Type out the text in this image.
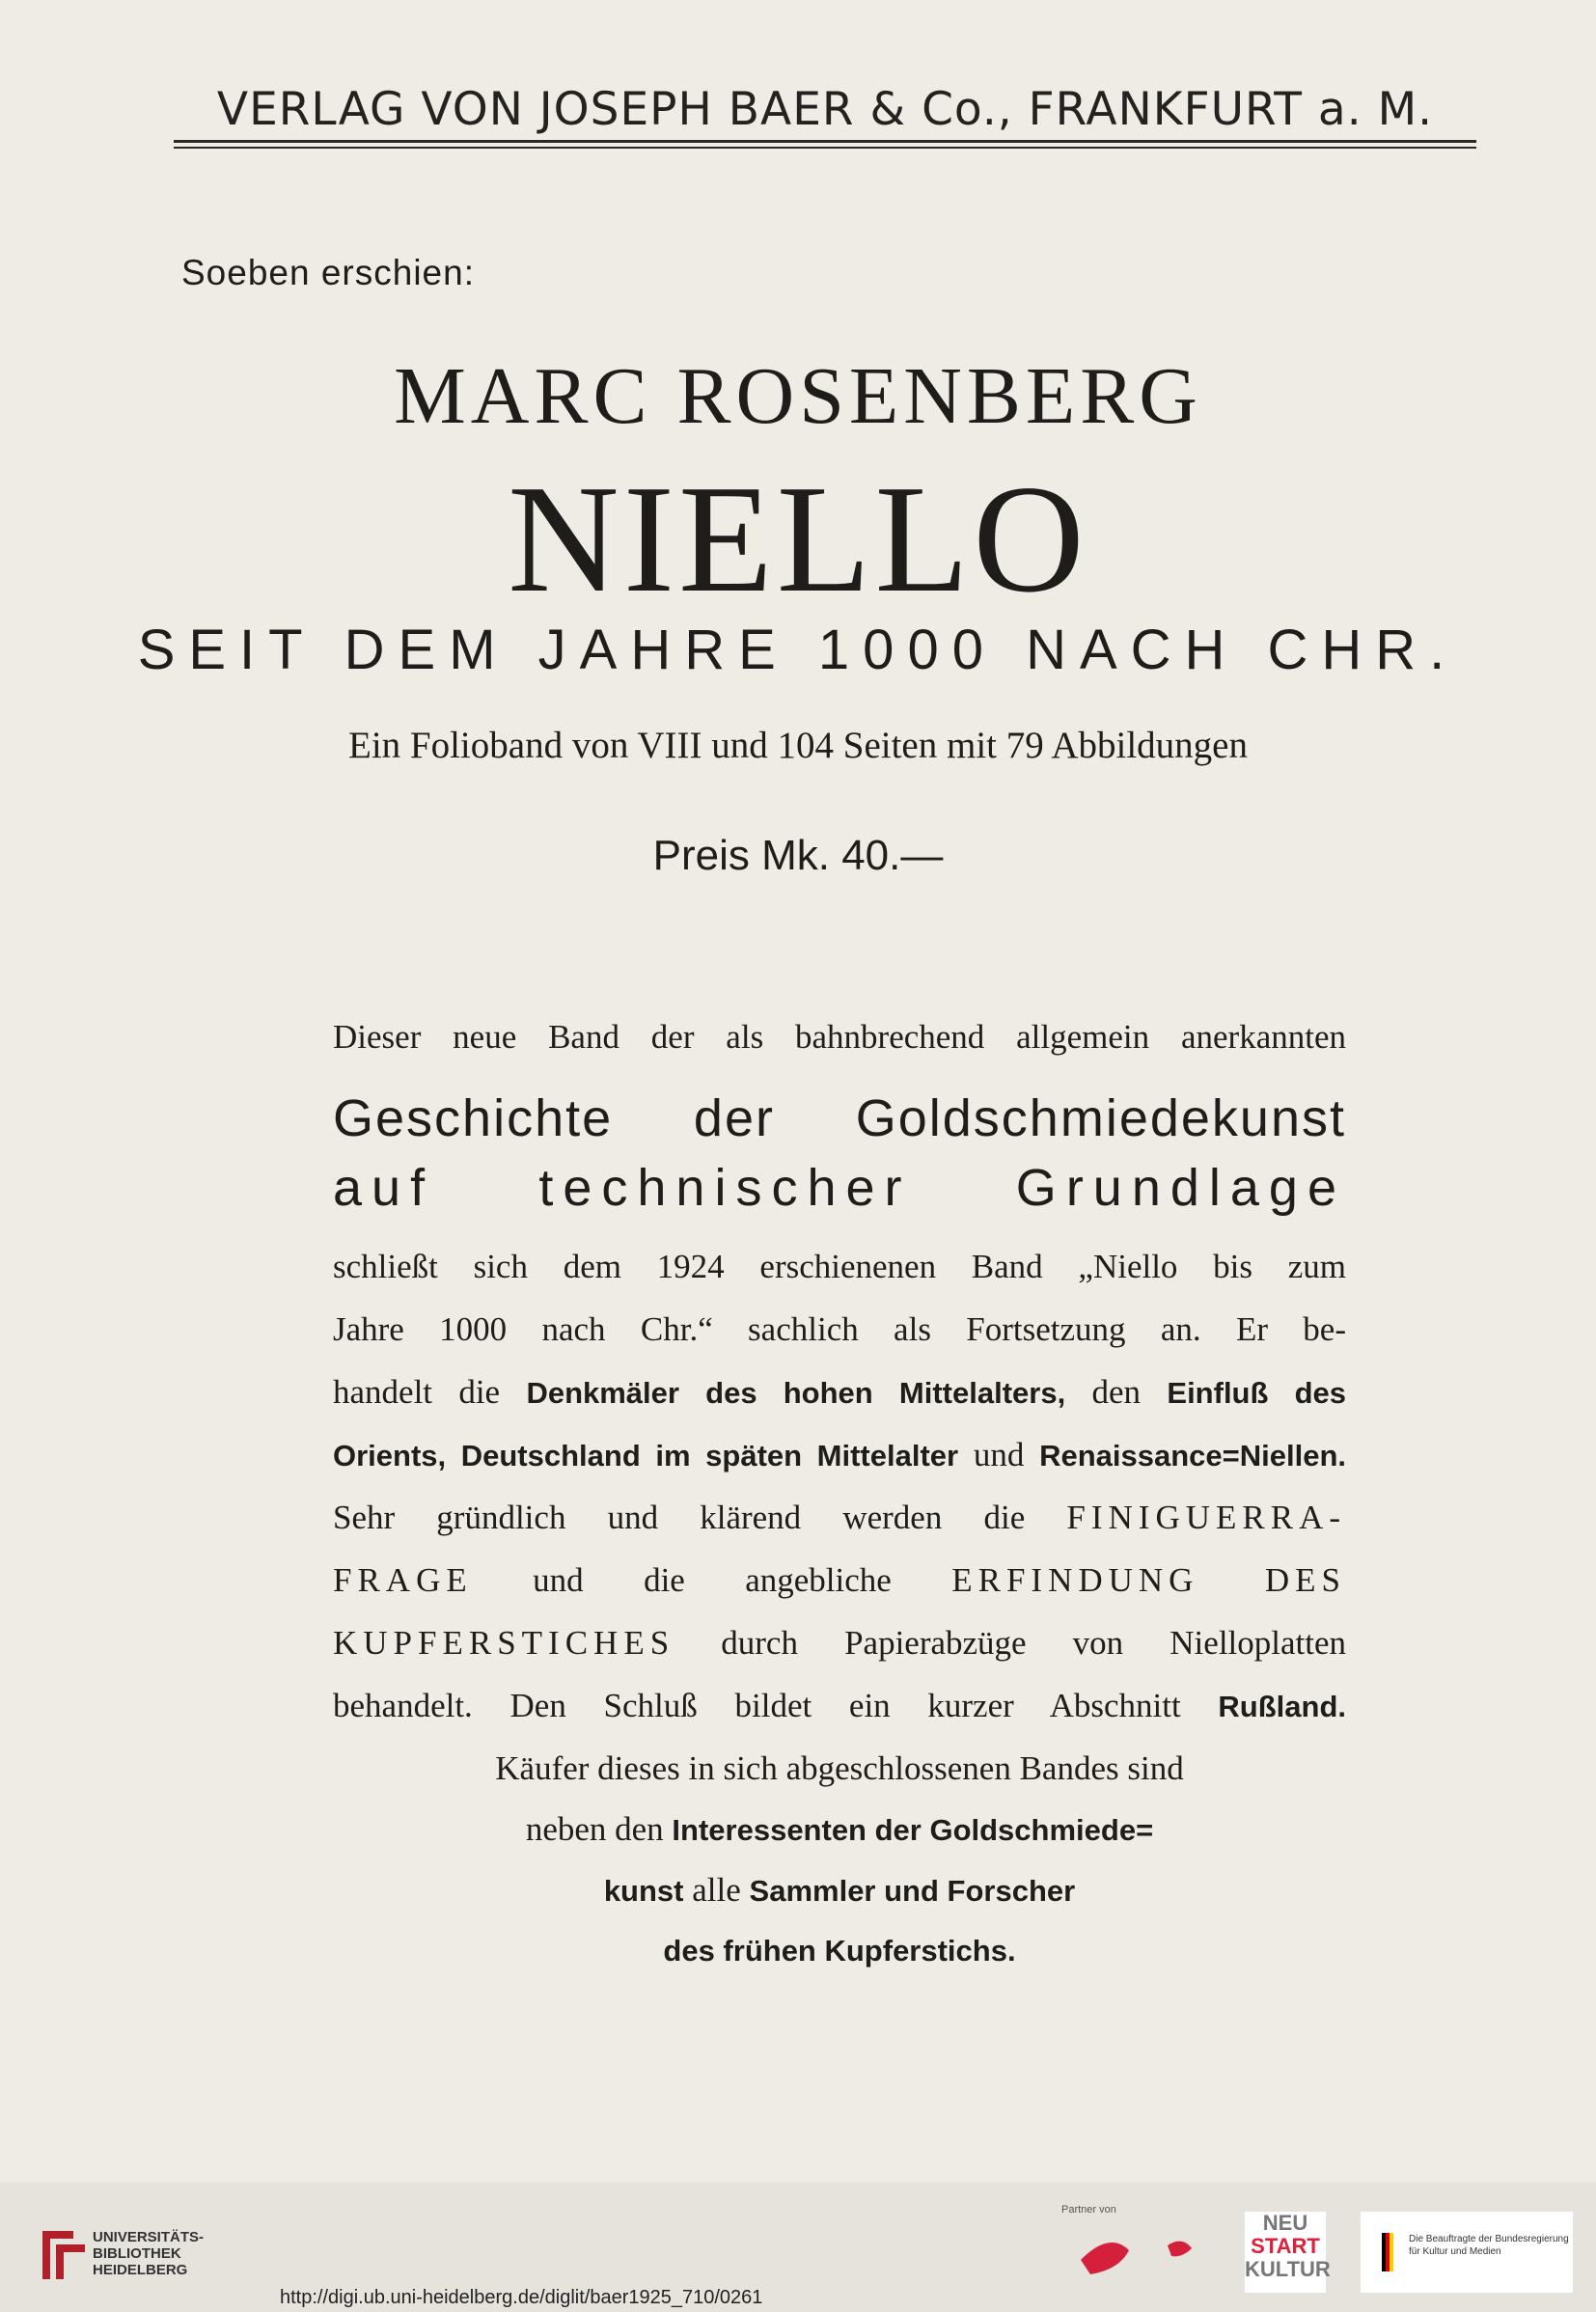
VERLAG VON JOSEPH BAER & Co., FRANKFURT a. M.
Soeben erschien:
MARC ROSENBERG
NIELLO
SEIT DEM JAHRE 1000 NACH CHR.
Ein Folioband von VIII und 104 Seiten mit 79 Abbildungen
Preis Mk. 40.—
Dieser neue Band der als bahnbrechend allgemein anerkannten
Geschichte der Goldschmiedekunst
auf technischer Grundlage
schließt sich dem 1924 erschienenen Band „Niello bis zum
Jahre 1000 nach Chr.“ sachlich als Fortsetzung an. Er be-
handelt die Denkmäler des hohen Mittelalters, den Einfluß des
Orients, Deutschland im späten Mittelalter und Renaissance=Niellen.
Sehr gründlich und klärend werden die FINIGUERRA-
FRAGE und die angebliche ERFINDUNG DES
KUPFERSTICHES durch Papierabzüge von Nielloplatten
behandelt. Den Schluß bildet ein kurzer Abschnitt Rußland.
Käufer dieses in sich abgeschlossenen Bandes sind
neben den Interessenten der Goldschmiede=
kunst alle Sammler und Forscher
des frühen Kupferstichs.
UNIVERSITÄTS-
BIBLIOTHEK
HEIDELBERG
Partner von
NEU
START
KULTUR
Die Beauftragte der Bundesregierung
für Kultur und Medien
http://digi.ub.uni-heidelberg.de/diglit/baer1925_710/0261
